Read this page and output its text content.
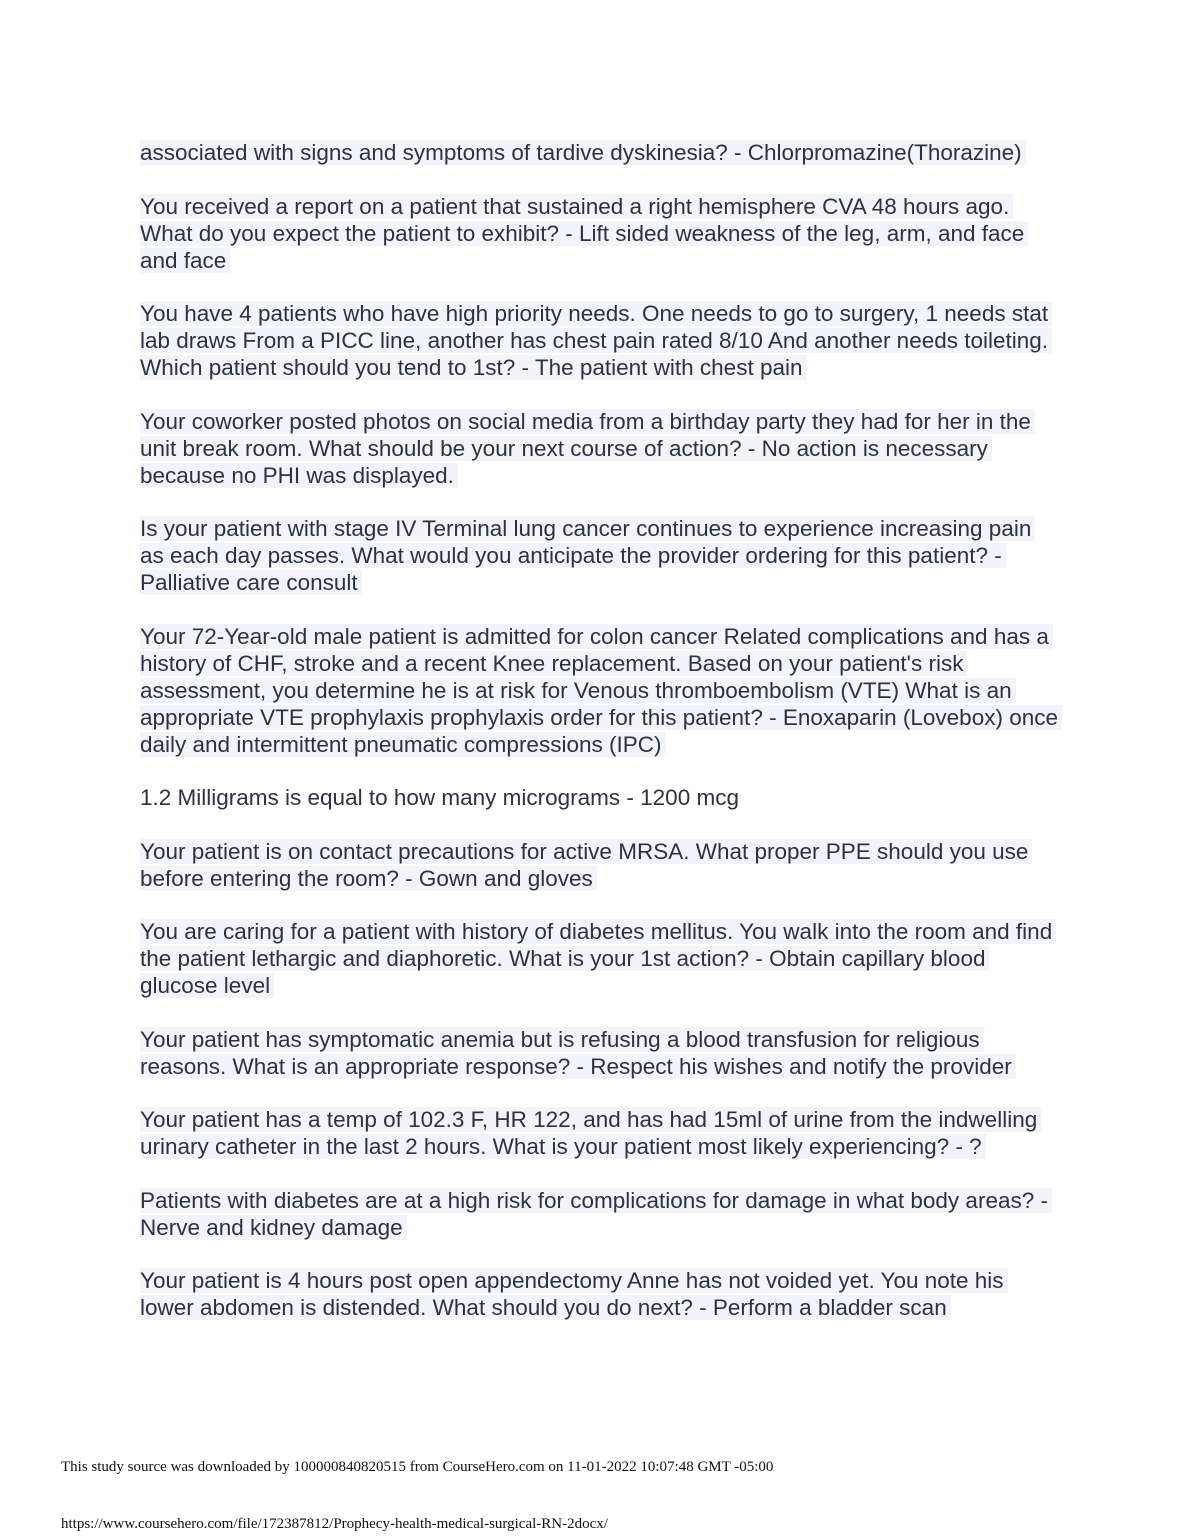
associated with signs and symptoms of tardive dyskinesia? - Chlorpromazine(Thorazine)

You received a report on a patient that sustained a right hemisphere CVA 48 hours ago. What do you expect the patient to exhibit? - Lift sided weakness of the leg, arm, and face and face

You have 4 patients who have high priority needs. One needs to go to surgery, 1 needs stat lab draws From a PICC line, another has chest pain rated 8/10 And another needs toileting. Which patient should you tend to 1st? - The patient with chest pain

Your coworker posted photos on social media from a birthday party they had for her in the unit break room. What should be your next course of action? - No action is necessary because no PHI was displayed.

Is your patient with stage IV Terminal lung cancer continues to experience increasing pain as each day passes. What would you anticipate the provider ordering for this patient? - Palliative care consult

Your 72-Year-old male patient is admitted for colon cancer Related complications and has a history of CHF, stroke and a recent Knee replacement. Based on your patient's risk assessment, you determine he is at risk for Venous thromboembolism (VTE) What is an appropriate VTE prophylaxis prophylaxis order for this patient? - Enoxaparin (Lovebox) once daily and intermittent pneumatic compressions (IPC)

1.2 Milligrams is equal to how many micrograms - 1200 mcg

Your patient is on contact precautions for active MRSA. What proper PPE should you use before entering the room? - Gown and gloves

You are caring for a patient with history of diabetes mellitus. You walk into the room and find the patient lethargic and diaphoretic. What is your 1st action? - Obtain capillary blood glucose level

Your patient has symptomatic anemia but is refusing a blood transfusion for religious reasons. What is an appropriate response? - Respect his wishes and notify the provider

Your patient has a temp of 102.3 F, HR 122, and has had 15ml of urine from the indwelling urinary catheter in the last 2 hours. What is your patient most likely experiencing? - ?

Patients with diabetes are at a high risk for complications for damage in what body areas? - Nerve and kidney damage

Your patient is 4 hours post open appendectomy Anne has not voided yet. You note his lower abdomen is distended. What should you do next? - Perform a bladder scan

This study source was downloaded by 100000840820515 from CourseHero.com on 11-01-2022 10:07:48 GMT -05:00
https://www.coursehero.com/file/172387812/Prophecy-health-medical-surgical-RN-2docx/
